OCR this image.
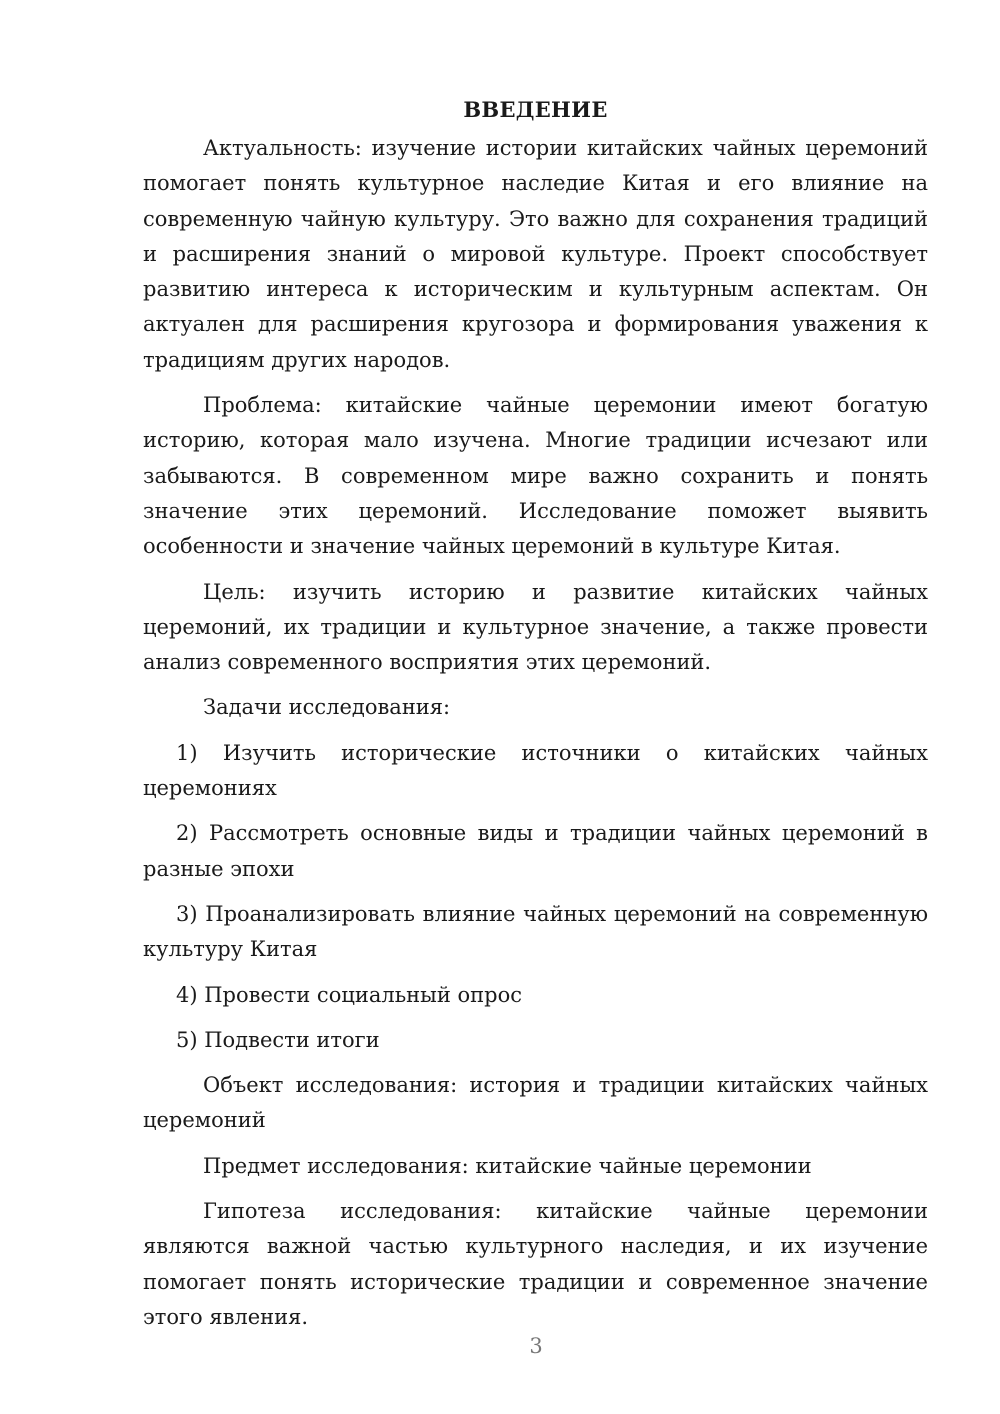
ВВЕДЕНИЕ

Актуальность: изучение истории китайских чайных церемоний помогает понять культурное наследие Китая и его влияние на современную чайную культуру. Это важно для сохранения традиций и расширения знаний о мировой культуре. Проект способствует развитию интереса к историческим и культурным аспектам. Он актуален для расширения кругозора и формирования уважения к традициям других народов.

Проблема: китайские чайные церемонии имеют богатую историю, которая мало изучена. Многие традиции исчезают или забываются. В современном мире важно сохранить и понять значение этих церемоний. Исследование поможет выявить особенности и значение чайных церемоний в культуре Китая.

Цель: изучить историю и развитие китайских чайных церемоний, их традиции и культурное значение, а также провести анализ современного восприятия этих церемоний.

Задачи исследования:

1) Изучить исторические источники о китайских чайных церемониях

2) Рассмотреть основные виды и традиции чайных церемоний в разные эпохи

3) Проанализировать влияние чайных церемоний на современную культуру Китая

4) Провести социальный опрос

5) Подвести итоги

Объект исследования: история и традиции китайских чайных церемоний

Предмет исследования: китайские чайные церемонии

Гипотеза исследования: китайские чайные церемонии являются важной частью культурного наследия, и их изучение помогает понять исторические традиции и современное значение этого явления.

3
